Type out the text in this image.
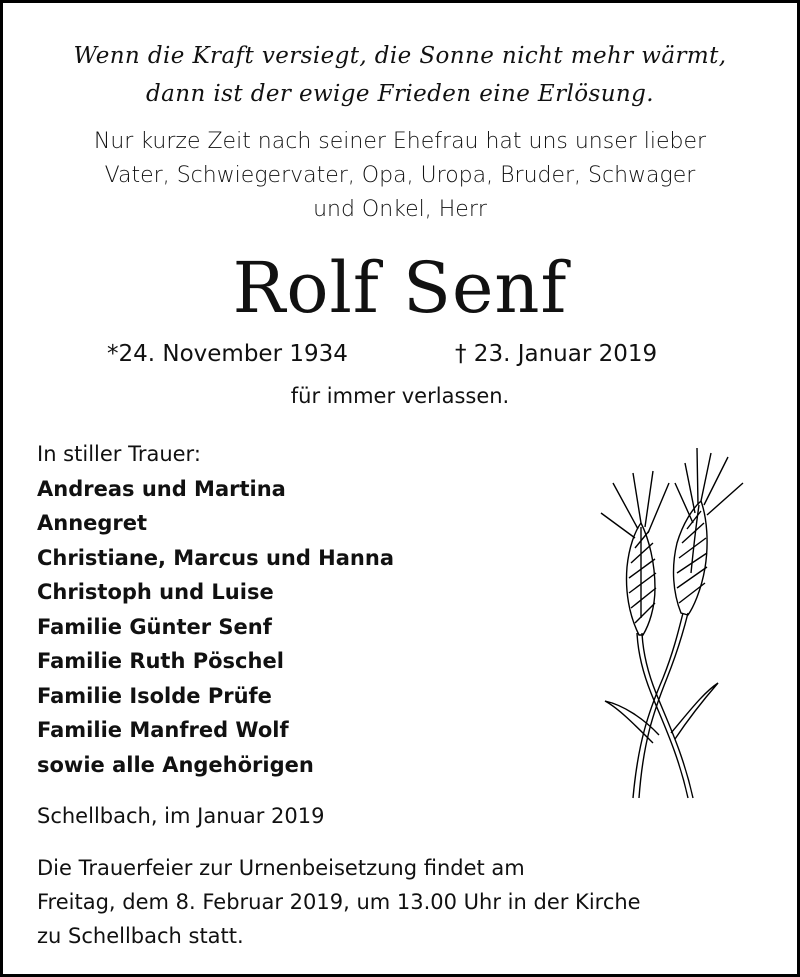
Wenn die Kraft versiegt, die Sonne nicht mehr wärmt,
dann ist der ewige Frieden eine Erlösung.
Nur kurze Zeit nach seiner Ehefrau hat uns unser lieber
Vater, Schwiegervater, Opa, Uropa, Bruder, Schwager
und Onkel, Herr
Rolf Senf
*24. November 1934	† 23. Januar 2019
für immer verlassen.
In stiller Trauer:
Andreas und Martina
Annegret
Christiane, Marcus und Hanna
Christoph und Luise
Familie Günter Senf
Familie Ruth Pöschel
Familie Isolde Prüfe
Familie Manfred Wolf
sowie alle Angehörigen
Schellbach, im Januar 2019
Die Trauerfeier zur Urnenbeisetzung findet am
Freitag, dem 8. Februar 2019, um 13.00 Uhr in der Kirche
zu Schellbach statt.
